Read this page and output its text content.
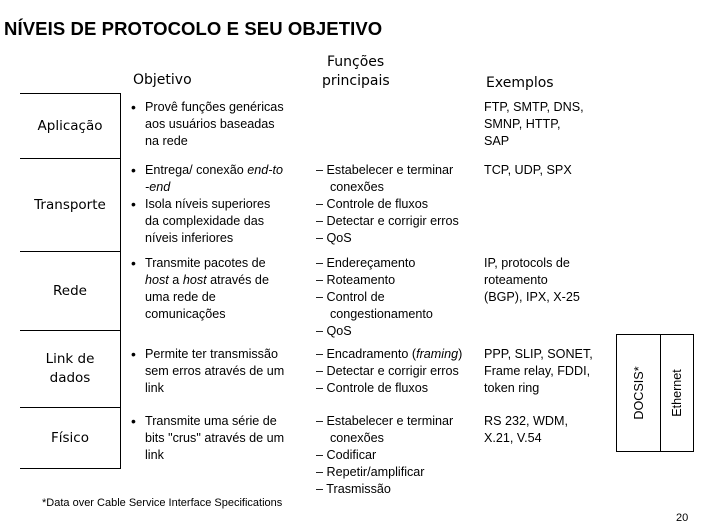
NÍVEIS DE PROTOCOLO E SEU OBJETIVO
Objetivo
Funções
principais	Exemplos
Aplicação
Transporte
Rede
Link de
dados
Físico
• Provê funções genéricas
aos usuários baseadas
na rede
FTP, SMTP, DNS,
SMNP, HTTP,
SAP
• Entrega/ conexão end-to
-end
• Isola níveis superiores
da complexidade das
níveis inferiores
– Estabelecer e terminar
conexões
– Controle de fluxos
– Detectar e corrigir erros
– QoS
TCP, UDP, SPX
• Transmite pacotes de
host a host através de
uma rede de
comunicações
– Endereçamento
– Roteamento
– Control de
congestionamento
– QoS
IP, protocols de
roteamento
(BGP), IPX, X-25
• Permite ter transmissão
sem erros através de um
link
– Encadramento (framing)
– Detectar e corrigir erros
– Controle de fluxos
PPP, SLIP, SONET,
Frame relay, FDDI,
token ring
• Transmite uma série de
bits "crus" através de um
link
– Estabelecer e terminar
conexões
– Codificar
– Repetir/amplificar
– Trasmissão
RS 232, WDM,
X.21, V.54
DOCSIS* Ethernet
*Data over Cable Service Interface Specifications
20
